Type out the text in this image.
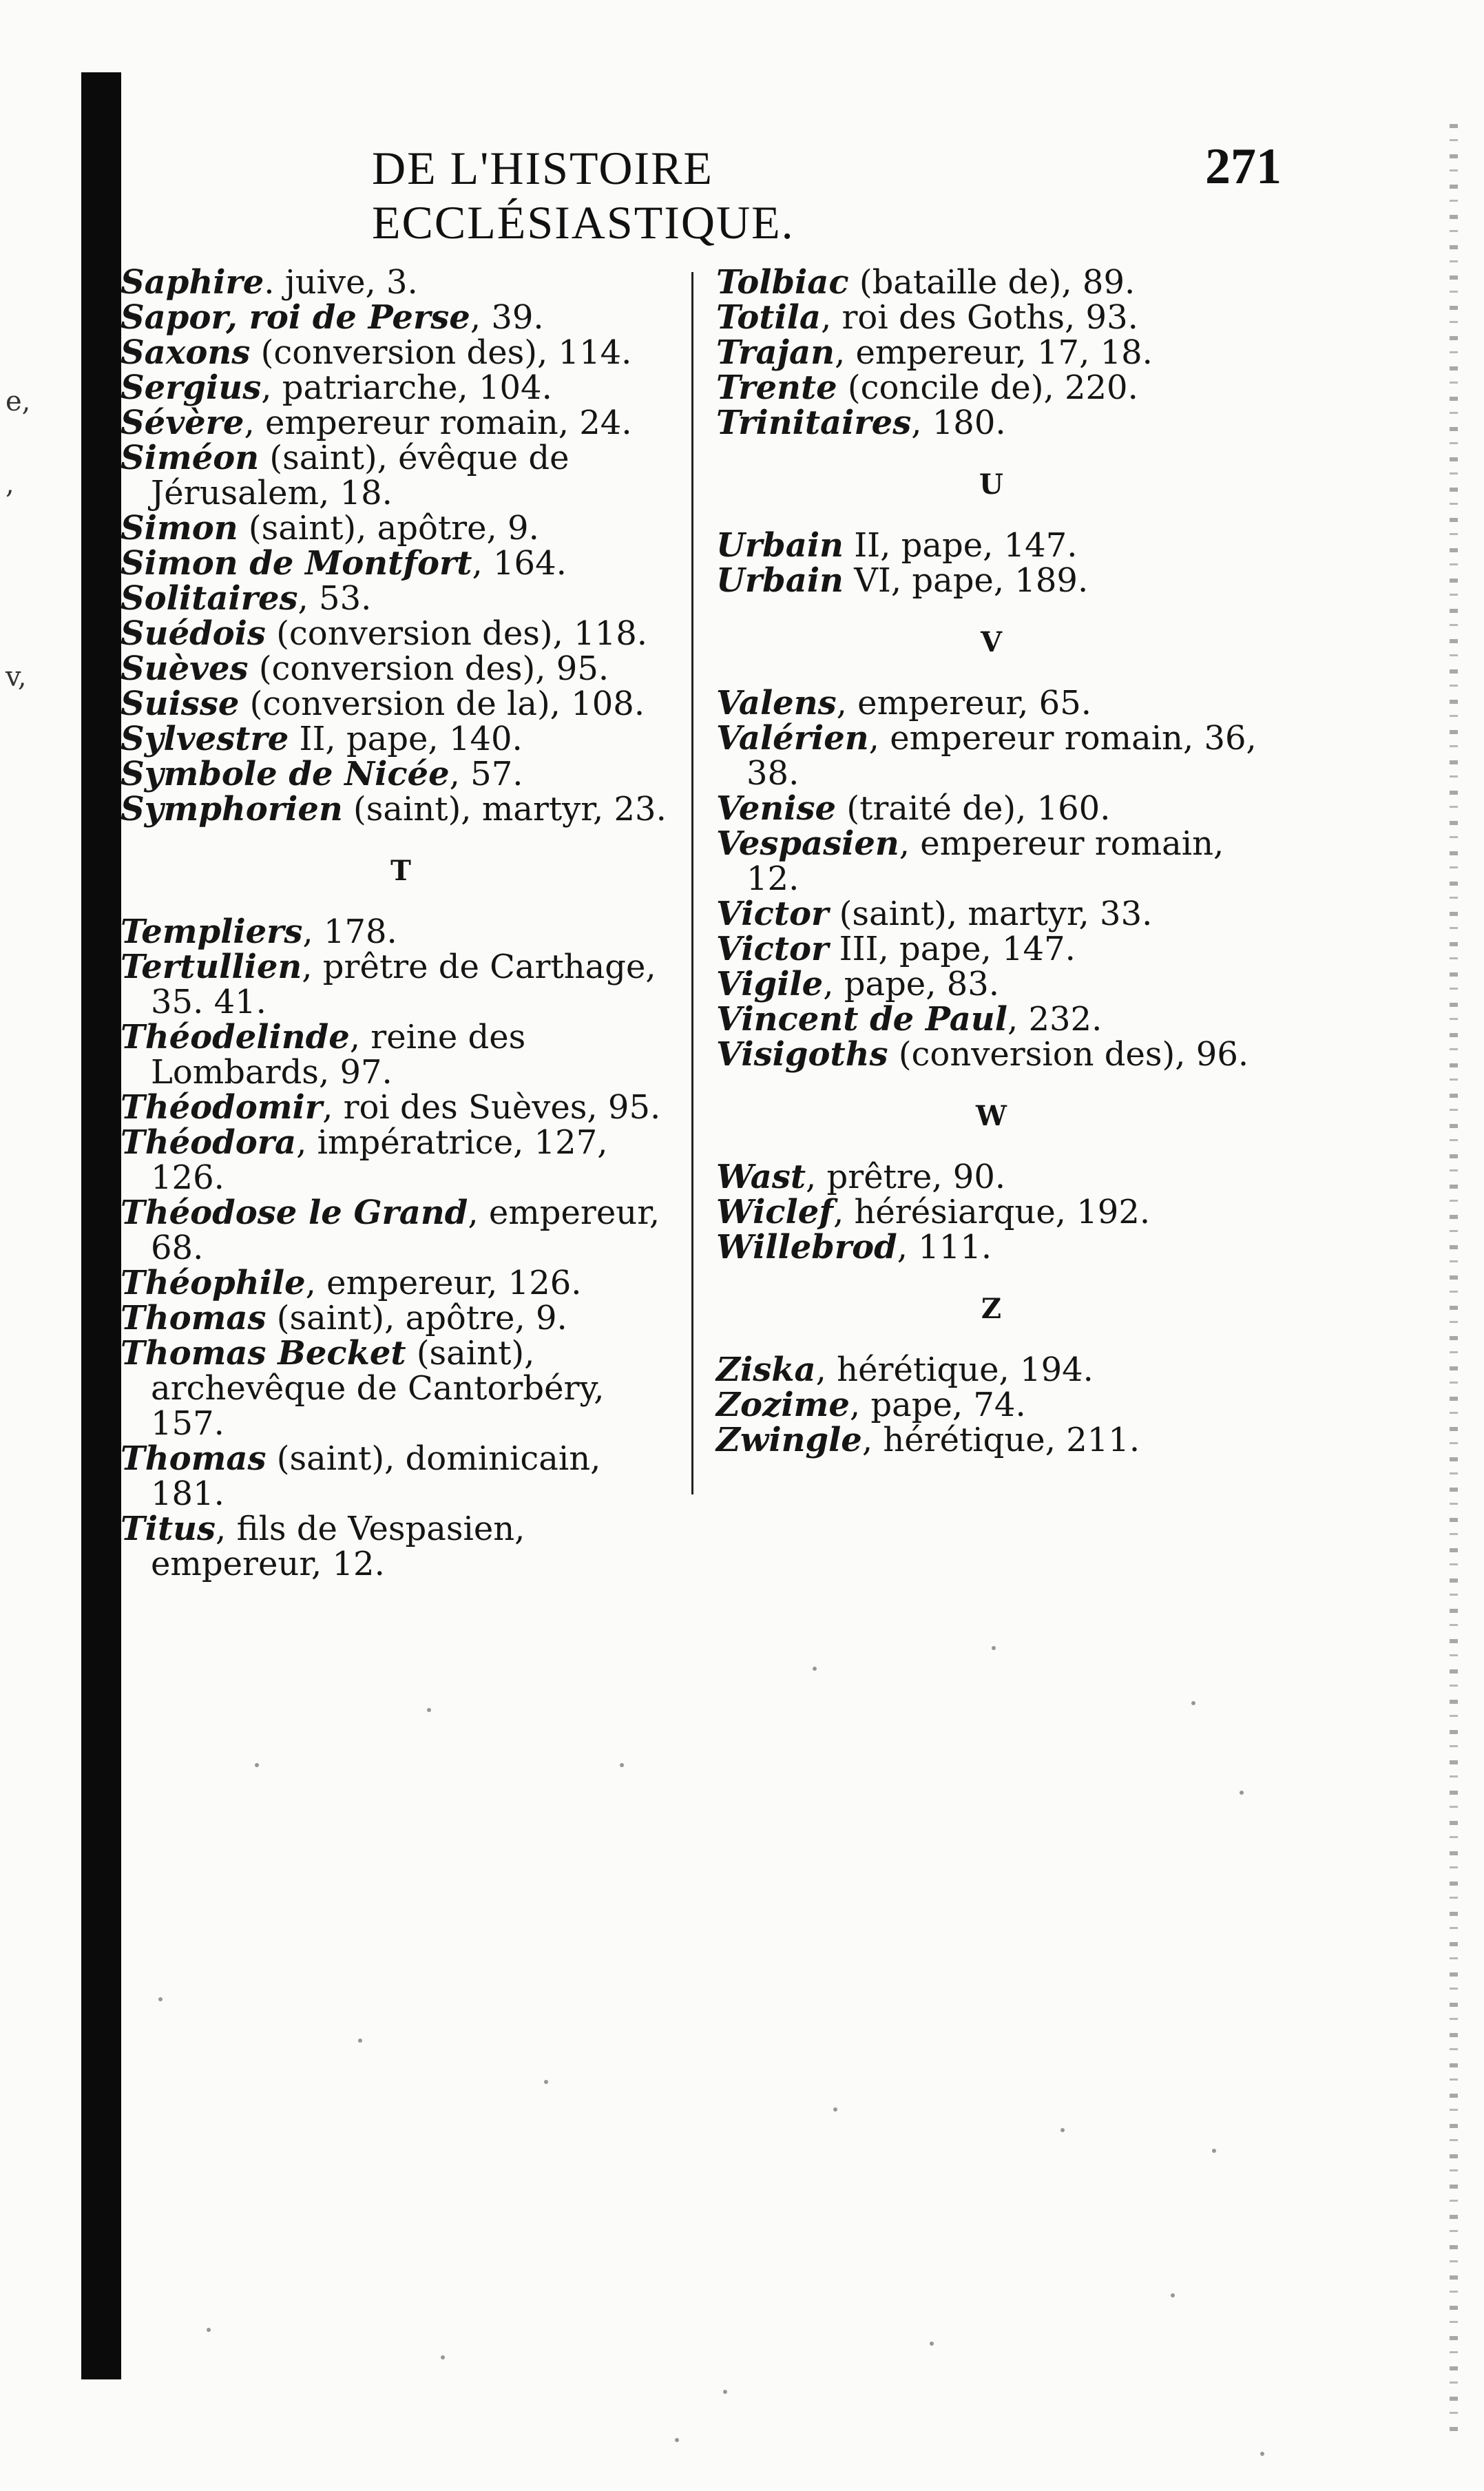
e,
,
v,
DE L'HISTOIRE ECCLÉSIASTIQUE.
271

Saphire. juive, 3.

Sapor, roi de Perse, 39.

Saxons (conversion des), 114.

Sergius, patriarche, 104.

Sévère, empereur romain, 24.

Siméon (saint), évêque de Jérusalem, 18.

Simon (saint), apôtre, 9.

Simon de Montfort, 164.

Solitaires, 53.

Suédois (conversion des), 118.

Suèves (conversion des), 95.

Suisse (conversion de la), 108.

Sylvestre II, pape, 140.

Symbole de Nicée, 57.

Symphorien (saint), martyr, 23.

T

Templiers, 178.

Tertullien, prêtre de Carthage, 35. 41.

Théodelinde, reine des Lombards, 97.

Théodomir, roi des Suèves, 95.

Théodora, impératrice, 127, 126.

Théodose le Grand, empereur, 68.

Théophile, empereur, 126.

Thomas (saint), apôtre, 9.

Thomas Becket (saint), archevêque de Cantorbéry, 157.

Thomas (saint), dominicain, 181.

Titus, fils de Vespasien, empereur, 12.

Tolbiac (bataille de), 89.

Totila, roi des Goths, 93.

Trajan, empereur, 17, 18.

Trente (concile de), 220.

Trinitaires, 180.

U

Urbain II, pape, 147.

Urbain VI, pape, 189.

V

Valens, empereur, 65.

Valérien, empereur romain, 36, 38.

Venise (traité de), 160.

Vespasien, empereur romain, 12.

Victor (saint), martyr, 33.

Victor III, pape, 147.

Vigile, pape, 83.

Vincent de Paul, 232.

Visigoths (conversion des), 96.

W

Wast, prêtre, 90.

Wiclef, hérésiarque, 192.

Willebrod, 111.

Z

Ziska, hérétique, 194.

Zozime, pape, 74.

Zwingle, hérétique, 211.
